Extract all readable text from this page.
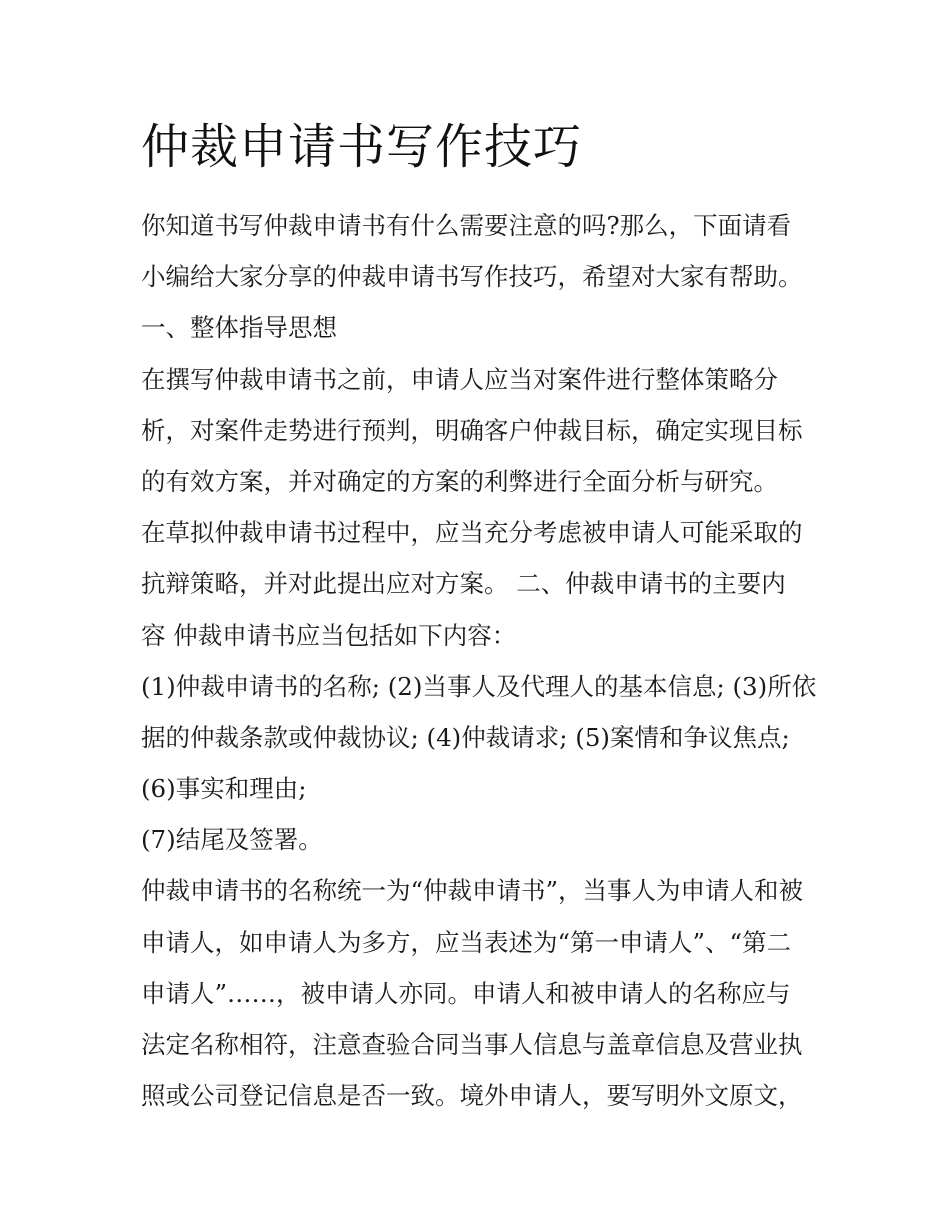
仲裁申请书写作技巧
你知道书写仲裁申请书有什么需要注意的吗?那么，下面请看
小编给大家分享的仲裁申请书写作技巧，希望对大家有帮助。
一、整体指导思想
在撰写仲裁申请书之前，申请人应当对案件进行整体策略分
析，对案件走势进行预判，明确客户仲裁目标，确定实现目标
的有效方案，并对确定的方案的利弊进行全面分析与研究。
在草拟仲裁申请书过程中，应当充分考虑被申请人可能采取的
抗辩策略，并对此提出应对方案。 二、仲裁申请书的主要内
容 仲裁申请书应当包括如下内容：
(1)仲裁申请书的名称; (2)当事人及代理人的基本信息; (3)所依
据的仲裁条款或仲裁协议; (4)仲裁请求; (5)案情和争议焦点;
(6)事实和理由;
(7)结尾及签署。
仲裁申请书的名称统一为“仲裁申请书”，当事人为申请人和被
申请人，如申请人为多方，应当表述为“第一申请人”、“第二
申请人”……，被申请人亦同。申请人和被申请人的名称应与
法定名称相符，注意查验合同当事人信息与盖章信息及营业执
照或公司登记信息是否一致。境外申请人，要写明外文原文，
